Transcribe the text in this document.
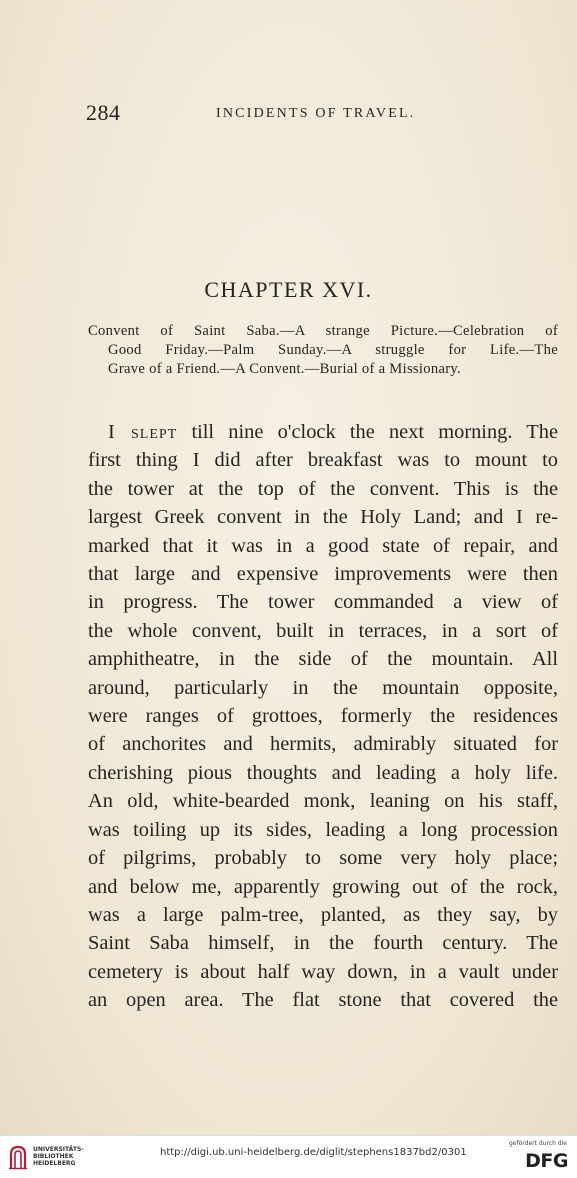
284	INCIDENTS OF TRAVEL.
CHAPTER XVI.
Convent of Saint Saba.—A strange Picture.—Celebration of
Good Friday.—Palm Sunday.—A struggle for Life.—The
Grave of a Friend.—A Convent.—Burial of a Missionary.
I slept till nine o'clock the next morning. The
first thing I did after breakfast was to mount to
the tower at the top of the convent. This is the
largest Greek convent in the Holy Land; and I re-
marked that it was in a good state of repair, and
that large and expensive improvements were then
in progress. The tower commanded a view of
the whole convent, built in terraces, in a sort of
amphitheatre, in the side of the mountain. All
around, particularly in the mountain opposite,
were ranges of grottoes, formerly the residences
of anchorites and hermits, admirably situated for
cherishing pious thoughts and leading a holy life.
An old, white-bearded monk, leaning on his staff,
was toiling up its sides, leading a long procession
of pilgrims, probably to some very holy place;
and below me, apparently growing out of the rock,
was a large palm-tree, planted, as they say, by
Saint Saba himself, in the fourth century. The
cemetery is about half way down, in a vault under
an open area. The flat stone that covered the
UNIVERSITÄTS-
BIBLIOTHEK
HEIDELBERG
http://digi.ub.uni-heidelberg.de/diglit/stephens1837bd2/0301
gefördert durch die
DFG
